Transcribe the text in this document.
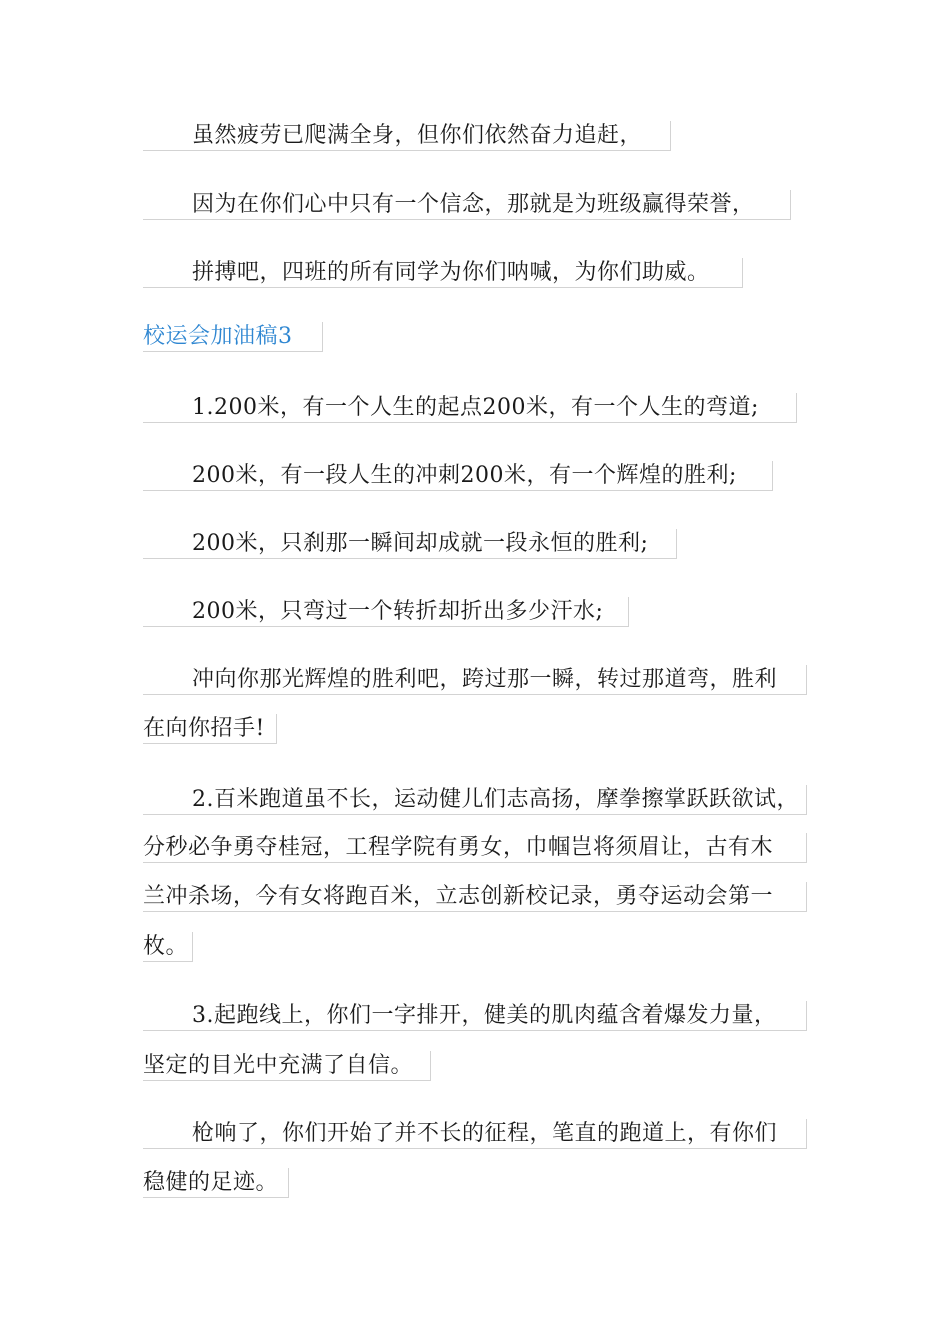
虽然疲劳已爬满全身，但你们依然奋力追赶，
因为在你们心中只有一个信念，那就是为班级赢得荣誉，
拼搏吧，四班的所有同学为你们呐喊，为你们助威。
校运会加油稿3
1.200米，有一个人生的起点200米，有一个人生的弯道;
200米，有一段人生的冲刺200米，有一个辉煌的胜利;
200米，只刹那一瞬间却成就一段永恒的胜利;
200米，只弯过一个转折却折出多少汗水;
冲向你那光辉煌的胜利吧，跨过那一瞬，转过那道弯，胜利
在向你招手!
2.百米跑道虽不长，运动健儿们志高扬，摩拳擦掌跃跃欲试，
分秒必争勇夺桂冠，工程学院有勇女，巾帼岂将须眉让，古有木
兰冲杀场，今有女将跑百米，立志创新校记录，勇夺运动会第一
枚。
3.起跑线上，你们一字排开，健美的肌肉蕴含着爆发力量，
坚定的目光中充满了自信。
枪响了，你们开始了并不长的征程，笔直的跑道上，有你们
稳健的足迹。
